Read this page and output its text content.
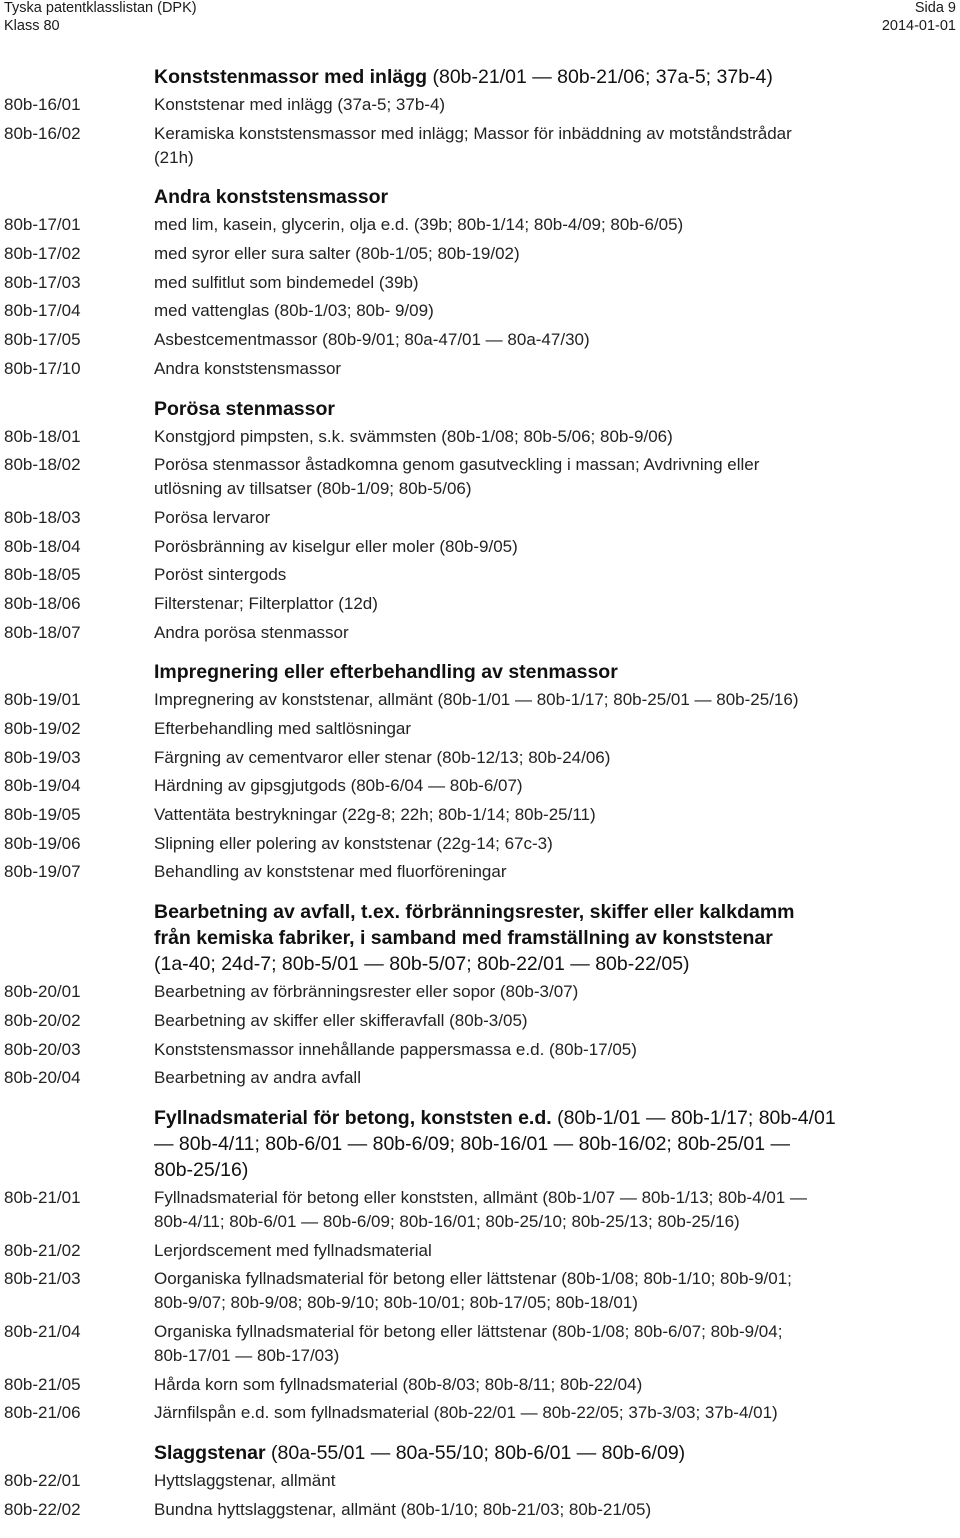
Tyska patentklasslistan (DPK)
Klass 80
Sida 9
2014-01-01
Konststenmassor med inlägg (80b-21/01 — 80b-21/06; 37a-5; 37b-4)
80b-16/01	Konststenar med inlägg (37a-5; 37b-4)
80b-16/02	Keramiska konststensmassor med inlägg; Massor för inbäddning av motståndstrådar
(21h)
Andra konststensmassor
80b-17/01	med lim, kasein, glycerin, olja e.d. (39b; 80b-1/14; 80b-4/09; 80b-6/05)
80b-17/02	med syror eller sura salter (80b-1/05; 80b-19/02)
80b-17/03	med sulfitlut som bindemedel (39b)
80b-17/04	med vattenglas (80b-1/03; 80b- 9/09)
80b-17/05	Asbestcementmassor (80b-9/01; 80a-47/01 — 80a-47/30)
80b-17/10	Andra konststensmassor
Porösa stenmassor
80b-18/01	Konstgjord pimpsten, s.k. svämmsten (80b-1/08; 80b-5/06; 80b-9/06)
80b-18/02	Porösa stenmassor åstadkomna genom gasutveckling i massan; Avdrivning eller
utlösning av tillsatser (80b-1/09; 80b-5/06)
80b-18/03	Porösa lervaror
80b-18/04	Porösbränning av kiselgur eller moler (80b-9/05)
80b-18/05	Poröst sintergods
80b-18/06	Filterstenar; Filterplattor (12d)
80b-18/07	Andra porösa stenmassor
Impregnering eller efterbehandling av stenmassor
80b-19/01	Impregnering av konststenar, allmänt (80b-1/01 — 80b-1/17; 80b-25/01 — 80b-25/16)
80b-19/02	Efterbehandling med saltlösningar
80b-19/03	Färgning av cementvaror eller stenar (80b-12/13; 80b-24/06)
80b-19/04	Härdning av gipsgjutgods (80b-6/04 — 80b-6/07)
80b-19/05	Vattentäta bestrykningar (22g-8; 22h; 80b-1/14; 80b-25/11)
80b-19/06	Slipning eller polering av konststenar (22g-14; 67c-3)
80b-19/07	Behandling av konststenar med fluorföreningar
Bearbetning av avfall, t.ex. förbränningsrester, skiffer eller kalkdamm
från kemiska fabriker, i samband med framställning av konststenar
(1a-40; 24d-7; 80b-5/01 — 80b-5/07; 80b-22/01 — 80b-22/05)
80b-20/01	Bearbetning av förbränningsrester eller sopor (80b-3/07)
80b-20/02	Bearbetning av skiffer eller skifferavfall (80b-3/05)
80b-20/03	Konststensmassor innehållande pappersmassa e.d. (80b-17/05)
80b-20/04	Bearbetning av andra avfall
Fyllnadsmaterial för betong, konststen e.d. (80b-1/01 — 80b-1/17; 80b-4/01
— 80b-4/11; 80b-6/01 — 80b-6/09; 80b-16/01 — 80b-16/02; 80b-25/01 —
80b-25/16)
80b-21/01	Fyllnadsmaterial för betong eller konststen, allmänt (80b-1/07 — 80b-1/13; 80b-4/01 —
80b-4/11; 80b-6/01 — 80b-6/09; 80b-16/01; 80b-25/10; 80b-25/13; 80b-25/16)
80b-21/02	Lerjordscement med fyllnadsmaterial
80b-21/03	Oorganiska fyllnadsmaterial för betong eller lättstenar (80b-1/08; 80b-1/10; 80b-9/01;
80b-9/07; 80b-9/08; 80b-9/10; 80b-10/01; 80b-17/05; 80b-18/01)
80b-21/04	Organiska fyllnadsmaterial för betong eller lättstenar (80b-1/08; 80b-6/07; 80b-9/04;
80b-17/01 — 80b-17/03)
80b-21/05	Hårda korn som fyllnadsmaterial (80b-8/03; 80b-8/11; 80b-22/04)
80b-21/06	Järnfilspån e.d. som fyllnadsmaterial (80b-22/01 — 80b-22/05; 37b-3/03; 37b-4/01)
Slaggstenar (80a-55/01 — 80a-55/10; 80b-6/01 — 80b-6/09)
80b-22/01	Hyttslaggstenar, allmänt
80b-22/02	Bundna hyttslaggstenar, allmänt (80b-1/10; 80b-21/03; 80b-21/05)
